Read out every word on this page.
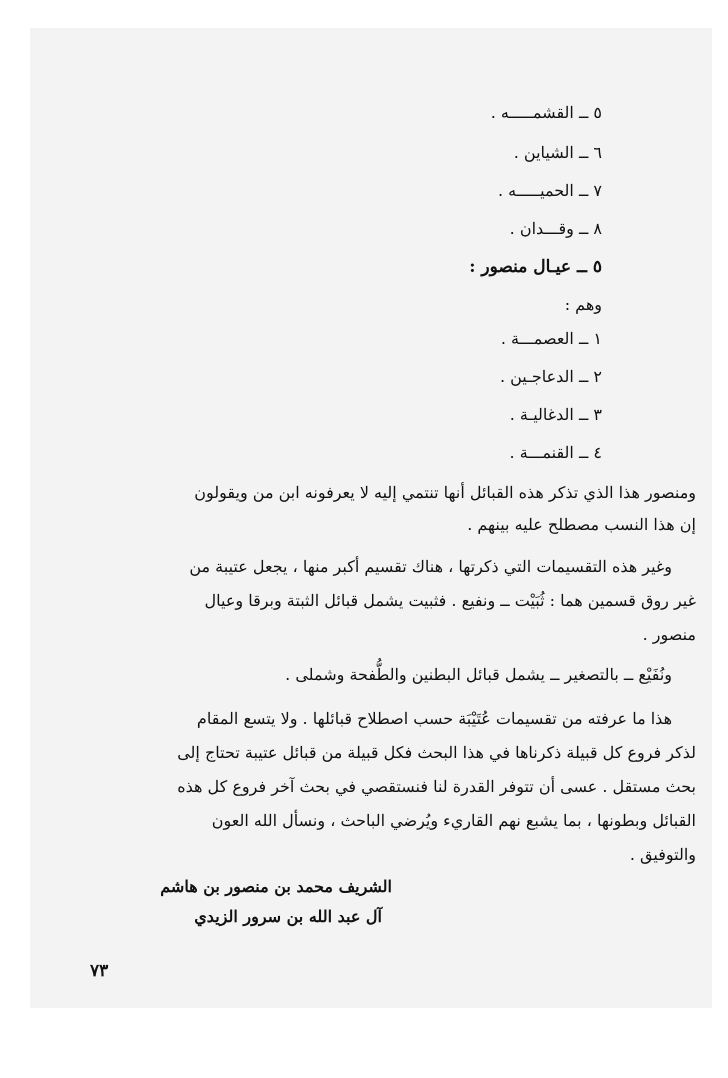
٥ ــ القشمـــــه .
٦ ــ الشياين .
٧ ــ الحميـــــه .
٨ ــ وقـــدان .
٥ ــ عيـال منصور :
وهم :
١ ــ العصمـــة .
٢ ــ الدعاجـين .
٣ ــ الدغاليـة .
٤ ــ القنمـــة .
ومنصور هذا الذي تذكر هذه القبائل أنها تنتمي إليه لا يعرفونه ابن من ويقولون
إن هذا النسب مصطلح عليه بينهم .
وغير هذه التقسيمات التي ذكرتها ، هناك تقسيم أكبر منها ، يجعل عتيبة من
غير روق قسمين هما : ثُبَيْت ــ ونفيع . فثبيت يشمل قبائل الثبتة وبرقا وعيال
منصور .
ونُفَيْع ــ بالتصغير ــ يشمل قبائل البطنين والطُّفحة وشملى .
هذا ما عرفته من تقسيمات عُتَيْبَة حسب اصطلاح قبائلها . ولا يتسع المقام
لذكر فروع كل قبيلة ذكرناها في هذا البحث فكل قبيلة من قبائل عتيبة تحتاج إلى
بحث مستقل . عسى أن تتوفر القدرة لنا فنستقصي في بحث آخر فروع كل هذه
القبائل وبطونها ، بما يشبع نهم القاريء ويُرضي الباحث ، ونسأل الله العون
والتوفيق .
الشريف محمد بن منصور بن هاشم
آل عبد الله بن سرور الزيدي
٧٣
